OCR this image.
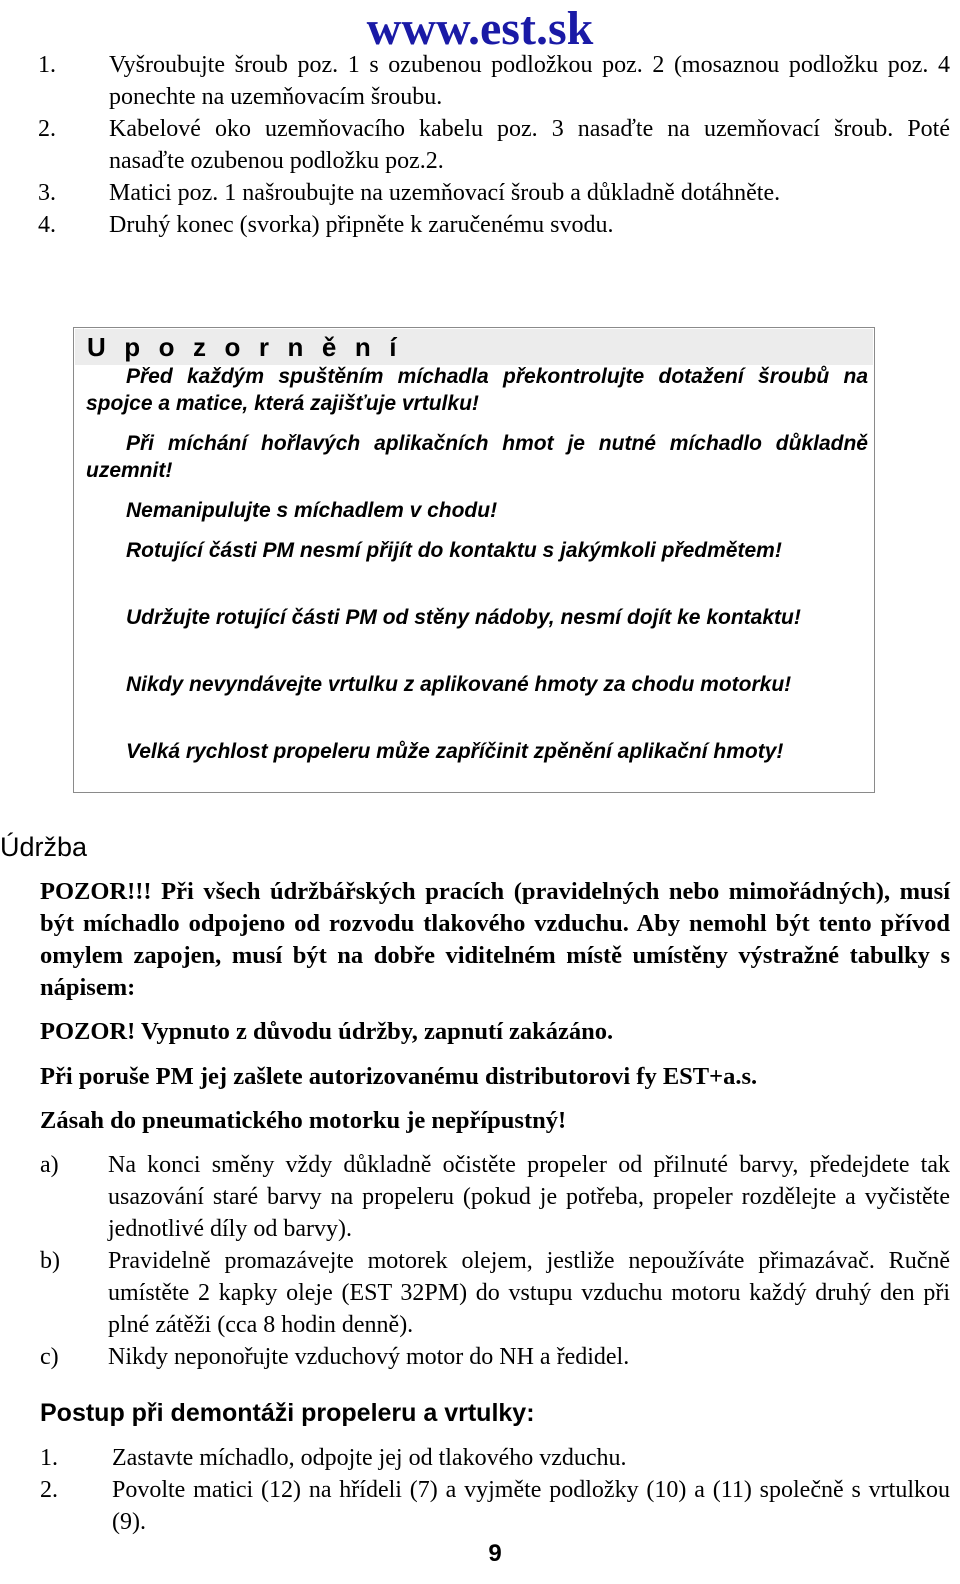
www.est.sk
1. Vyšroubujte šroub poz. 1 s ozubenou podložkou poz. 2 (mosaznou podložku poz. 4 ponechte na uzemňovacím šroubu.
2. Kabelové oko uzemňovacího kabelu poz. 3 nasaďte na uzemňovací šroub. Poté nasaďte ozubenou podložku poz.2.
3. Matici poz. 1 našroubujte na uzemňovací šroub a důkladně dotáhněte.
4. Druhý konec (svorka) připněte k zaručenému svodu.
Upozornění
Před každým spuštěním míchadla překontrolujte dotažení šroubů na spojce a matice, která zajišťuje vrtulku!
Při míchání hořlavých aplikačních hmot je nutné míchadlo důkladně uzemnit!
Nemanipulujte s míchadlem v chodu!
Rotující části PM nesmí přijít do kontaktu s jakýmkoli předmětem!
Udržujte rotující části PM od stěny nádoby, nesmí dojít ke kontaktu!
Nikdy nevyndávejte vrtulku z aplikované hmoty za chodu motorku!
Velká rychlost propeleru může zapříčinit zpěnění aplikační hmoty!
Údržba
POZOR!!! Při všech údržbářských pracích (pravidelných nebo mimořádných), musí být míchadlo odpojeno od rozvodu tlakového vzduchu. Aby nemohl být tento přívod omylem zapojen, musí být na dobře viditelném místě umístěny výstražné tabulky s nápisem:
POZOR! Vypnuto z důvodu údržby, zapnutí zakázáno.
Při poruše PM jej zašlete autorizovanému distributorovi fy EST+a.s.
Zásah do pneumatického motorku je nepřípustný!
a) Na konci směny vždy důkladně očistěte propeler od přilnuté barvy, předejdete tak usazování staré barvy na propeleru (pokud je potřeba, propeler rozdělejte a vyčistěte jednotlivé díly od barvy).
b) Pravidelně promazávejte motorek olejem, jestliže nepoužíváte přimazávač. Ručně umístěte 2 kapky oleje (EST 32PM) do vstupu vzduchu motoru každý druhý den při plné zátěži (cca 8 hodin denně).
c) Nikdy neponořujte vzduchový motor do NH a ředidel.
Postup při demontáži propeleru a vrtulky:
1. Zastavte míchadlo, odpojte jej od tlakového vzduchu.
2. Povolte matici (12) na hřídeli (7) a vyjměte podložky (10) a (11) společně s vrtulkou (9).
9
